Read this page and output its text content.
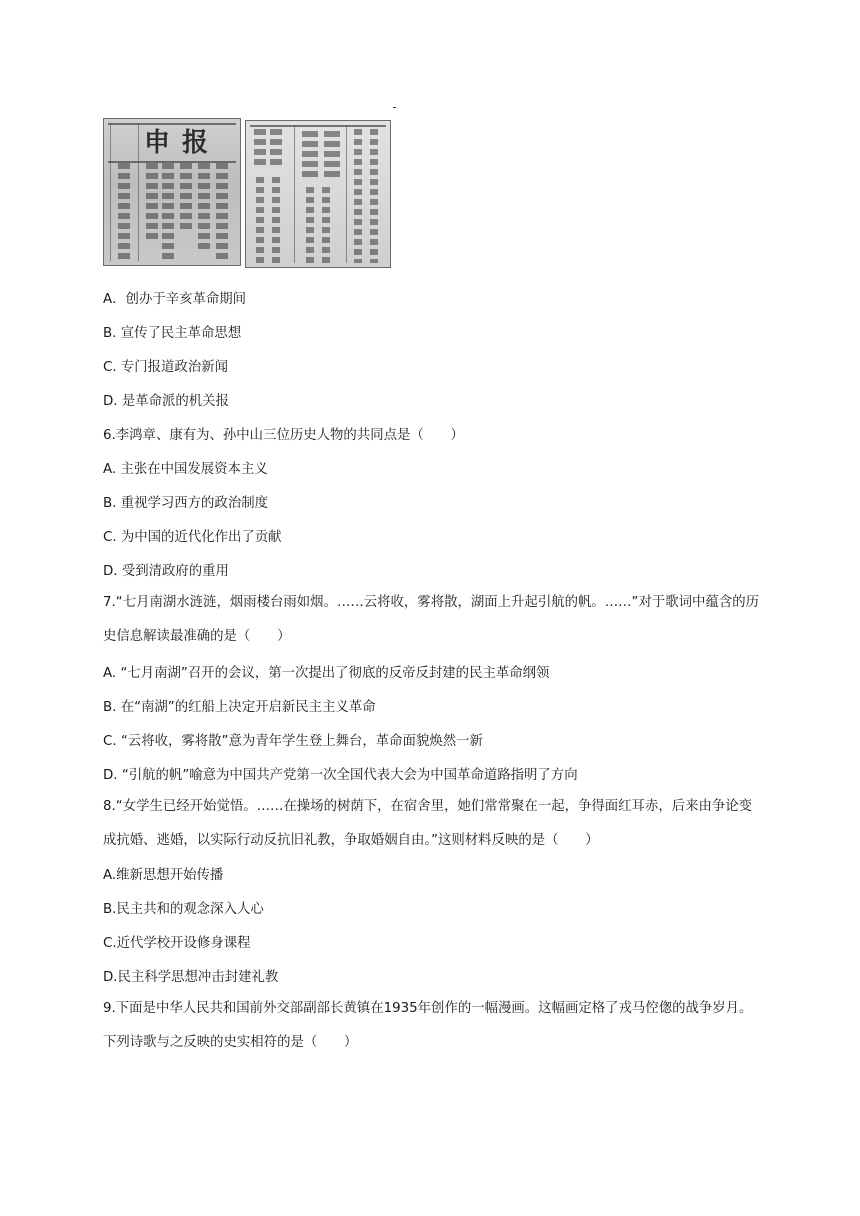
申报
A．创办于辛亥革命期间
B. 宣传了民主革命思想
C. 专门报道政治新闻
D. 是革命派的机关报
6.李鸿章、康有为、孙中山三位历史人物的共同点是（　　）
A. 主张在中国发展资本主义
B. 重视学习西方的政治制度
C. 为中国的近代化作出了贡献
D. 受到清政府的重用
7.“七月南湖水涟涟，烟雨楼台雨如烟。……云将收，雾将散，湖面上升起引航的帆。……”对于歌词中蕴含的历史信息解读最准确的是（　　）
A. “七月南湖”召开的会议，第一次提出了彻底的反帝反封建的民主革命纲领
B. 在“南湖”的红船上决定开启新民主主义革命
C. “云将收，雾将散”意为青年学生登上舞台，革命面貌焕然一新
D. “引航的帆”喻意为中国共产党第一次全国代表大会为中国革命道路指明了方向
8.“女学生已经开始觉悟。……在操场的树荫下，在宿舍里，她们常常聚在一起，争得面红耳赤，后来由争论变成抗婚、逃婚，以实际行动反抗旧礼教，争取婚姻自由。”这则材料反映的是（　　）
A.维新思想开始传播
B.民主共和的观念深入人心
C.近代学校开设修身课程
D.民主科学思想冲击封建礼教
9.下面是中华人民共和国前外交部副部长黄镇在1935年创作的一幅漫画。这幅画定格了戎马倥偬的战争岁月。下列诗歌与之反映的史实相符的是（　　）
